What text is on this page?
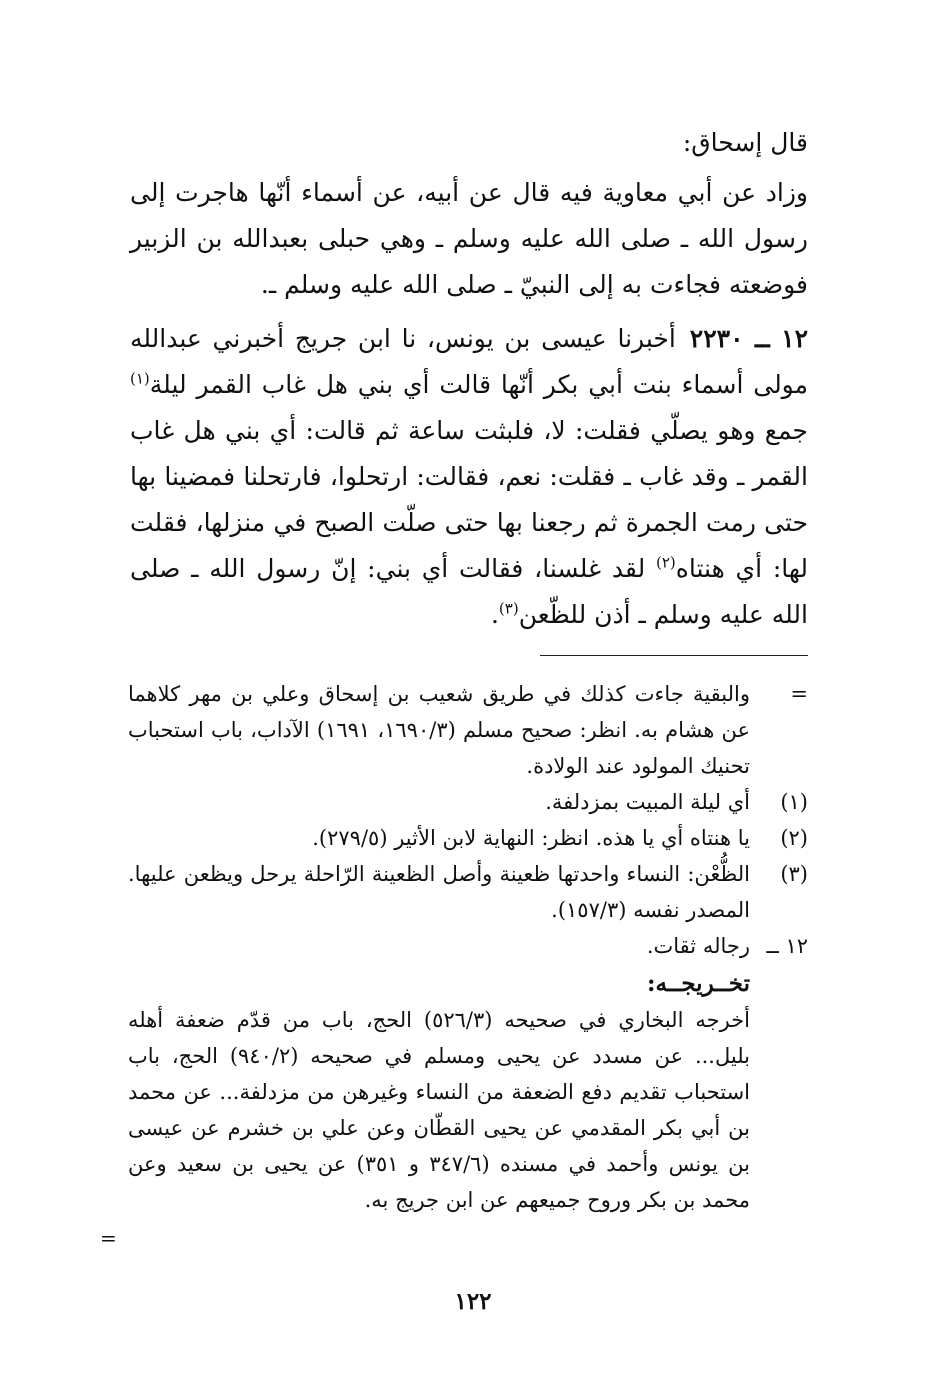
قال إسحاق:

وزاد عن أبي معاوية فيه قال عن أبيه، عن أسماء أنّها هاجرت إلى رسول الله ـ صلى الله عليه وسلم ـ وهي حبلى بعبدالله بن الزبير فوضعته فجاءت به إلى النبيّ ـ صلى الله عليه وسلم ـ.

١٢ ــ ٢٢٣٠أخبرنا عيسى بن يونس، نا ابن جريج أخبرني عبدالله مولى أسماء بنت أبي بكر أنّها قالت أي بني هل غاب القمر ليلة$^{(١)}$ جمع وهو يصلّي فقلت: لا، فلبثت ساعة ثم قالت: أي بني هل غاب القمر ـ وقد غاب ـ فقلت: نعم، فقالت: ارتحلوا، فارتحلنا فمضينا بها حتى رمت الجمرة ثم رجعنا بها حتى صلّت الصبح في منزلها، فقلت لها: أي هنتاه$^{(٢)}$ لقد غلسنا، فقالت أي بني: إنّ رسول الله ـ صلى الله عليه وسلم ـ أذن للظّعن$^{(٣)}$.

=
والبقية جاءت كذلك في طريق شعيب بن إسحاق وعلي بن مهر كلاهما عن هشام به. انظر: صحيح مسلم (١٦٩٠/٣، ١٦٩١) الآداب، باب استحباب تحنيك المولود عند الولادة.
(١)
أي ليلة المبيت بمزدلفة.
(٢)
يا هنتاه أي يا هذه. انظر: النهاية لابن الأثير (٢٧٩/٥).
(٣)
الظُّعْن: النساء واحدتها ظعينة وأصل الظعينة الرّاحلة يرحل ويظعن عليها. المصدر نفسه (١٥٧/٣).
١٢ ــ
رجاله ثقات.
تخــريجــه:
أخرجه البخاري في صحيحه (٥٢٦/٣) الحج، باب من قدّم ضعفة أهله بليل... عن مسدد عن يحيى ومسلم في صحيحه (٩٤٠/٢) الحج، باب استحباب تقديم دفع الضعفة من النساء وغيرهن من مزدلفة... عن محمد بن أبي بكر المقدمي عن يحيى القطّان وعن علي بن خشرم عن عيسى بن يونس وأحمد في مسنده (٣٤٧/٦ و ٣٥١) عن يحيى بن سعيد وعن محمد بن بكر وروح جميعهم عن ابن جريج به.
=
١٢٢
